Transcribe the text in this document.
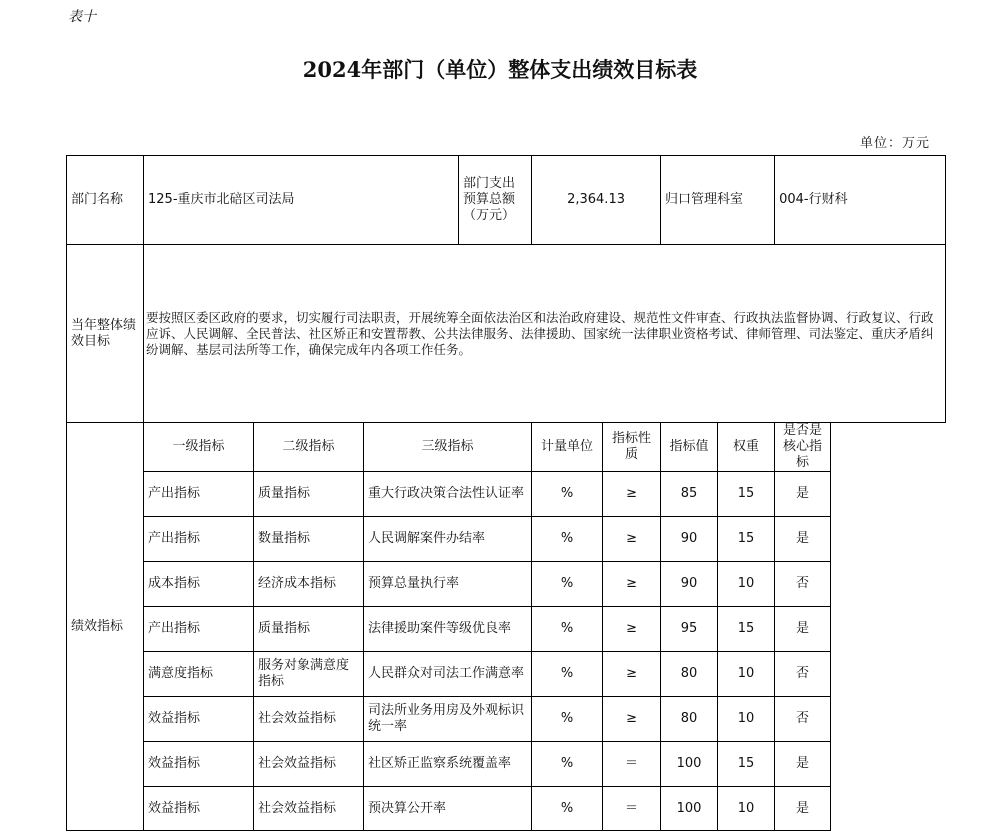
表十
2024年部门（单位）整体支出绩效目标表
单位：万元
部门名称	125-重庆市北碚区司法局			部门支出预算总额（万元）	2,364.13		归口管理科室		004-行财科
当年整体绩效目标	要按照区委区政府的要求，切实履行司法职责，开展统筹全面依法治区和法治政府建设、规范性文件审查、行政执法监督协调、行政复议、行政应诉、人民调解、全民普法、社区矫正和安置帮教、公共法律服务、法律援助、国家统一法律职业资格考试、律师管理、司法鉴定、重庆矛盾纠纷调解、基层司法所等工作，确保完成年内各项工作任务。								
绩效指标	一级指标	二级指标	三级指标		计量单位	指标性质	指标值	权重	是否是核心指标
	产出指标	质量指标	重大行政决策合法性认证率		%	≥	85	15	是
	产出指标	数量指标	人民调解案件办结率		%	≥	90	15	是
	成本指标	经济成本指标	预算总量执行率		%	≥	90	10	否
	产出指标	质量指标	法律援助案件等级优良率		%	≥	95	15	是
	满意度指标	服务对象满意度指标	人民群众对司法工作满意率		%	≥	80	10	否
	效益指标	社会效益指标	司法所业务用房及外观标识统一率		%	≥	80	10	否
	效益指标	社会效益指标	社区矫正监察系统覆盖率		%	＝	100	15	是
	效益指标	社会效益指标	预决算公开率		%	＝	100	10	是
